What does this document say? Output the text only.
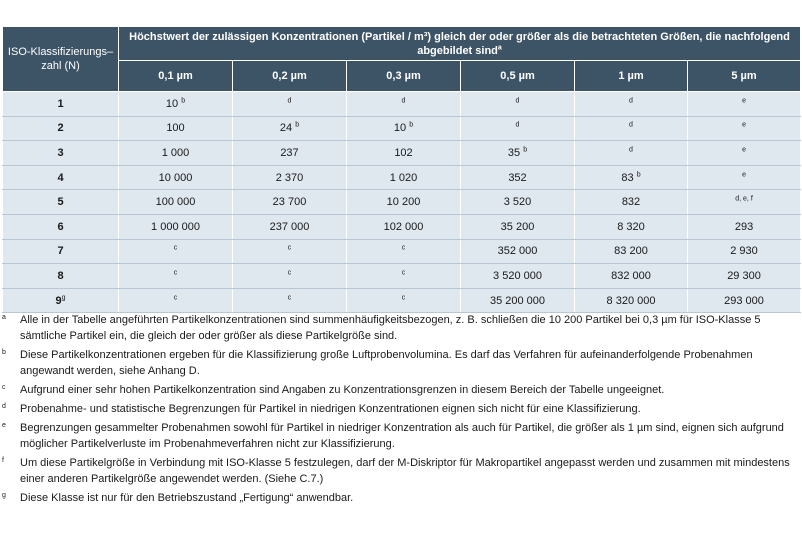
ISO-Klassifizierungs–zahl (N)	Höchstwert der zulässigen Konzentrationen (Partikel / m³) gleich der oder größer als die betrachteten Größen, die nachfolgend abgebildet sind$^a$
	0,1 µm	0,2 µm	0,3 µm	0,5 µm	1 µm	5 µm
1	10 $^b$	$^d$	$^d$	$^d$	$^d$	$^e$
2	100	24 $^b$	10 $^b$	$^d$	$^d$	$^e$
3	1 000	237	102	35 $^b$	$^d$	$^e$
4	10 000	2 370	1 020	352	83 $^b$	$^e$
5	100 000	23 700	10 200	3 520	832	$^{d, e, f}$
6	1 000 000	237 000	102 000	35 200	8 320	293
7	$^c$	$^c$	$^c$	352 000	83 200	2 930
8	$^c$	$^c$	$^c$	3 520 000	832 000	29 300
9$^g$	$^c$	$^c$	$^c$	35 200 000	8 320 000	293 000
a	Alle in der Tabelle angeführten Partikelkonzentrationen sind summenhäufigkeitsbezogen, z. B. schließen die 10 200 Partikel bei 0,3 µm für ISO-Klasse 5 sämtliche Partikel ein, die gleich der oder größer als diese Partikelgröße sind.
b	Diese Partikelkonzentrationen ergeben für die Klassifizierung große Luftprobenvolumina. Es darf das Verfahren für aufeinanderfolgende Probenahmen angewandt werden, siehe Anhang D.
c	Aufgrund einer sehr hohen Partikelkonzentration sind Angaben zu Konzentrationsgrenzen in diesem Bereich der Tabelle ungeeignet.
d	Probenahme- und statistische Begrenzungen für Partikel in niedrigen Konzentrationen eignen sich nicht für eine Klassifizierung.
e	Begrenzungen gesammelter Probenahmen sowohl für Partikel in niedriger Konzentration als auch für Partikel, die größer als 1 µm sind, eignen sich aufgrund möglicher Partikelverluste im Probenahmeverfahren nicht zur Klassifizierung.
f	Um diese Partikelgröße in Verbindung mit ISO-Klasse 5 festzulegen, darf der M-Diskriptor für Makropartikel angepasst werden und zusammen mit mindestens einer anderen Partikelgröße angewendet werden. (Siehe C.7.)
g	Diese Klasse ist nur für den Betriebszustand „Fertigung“ anwendbar.
